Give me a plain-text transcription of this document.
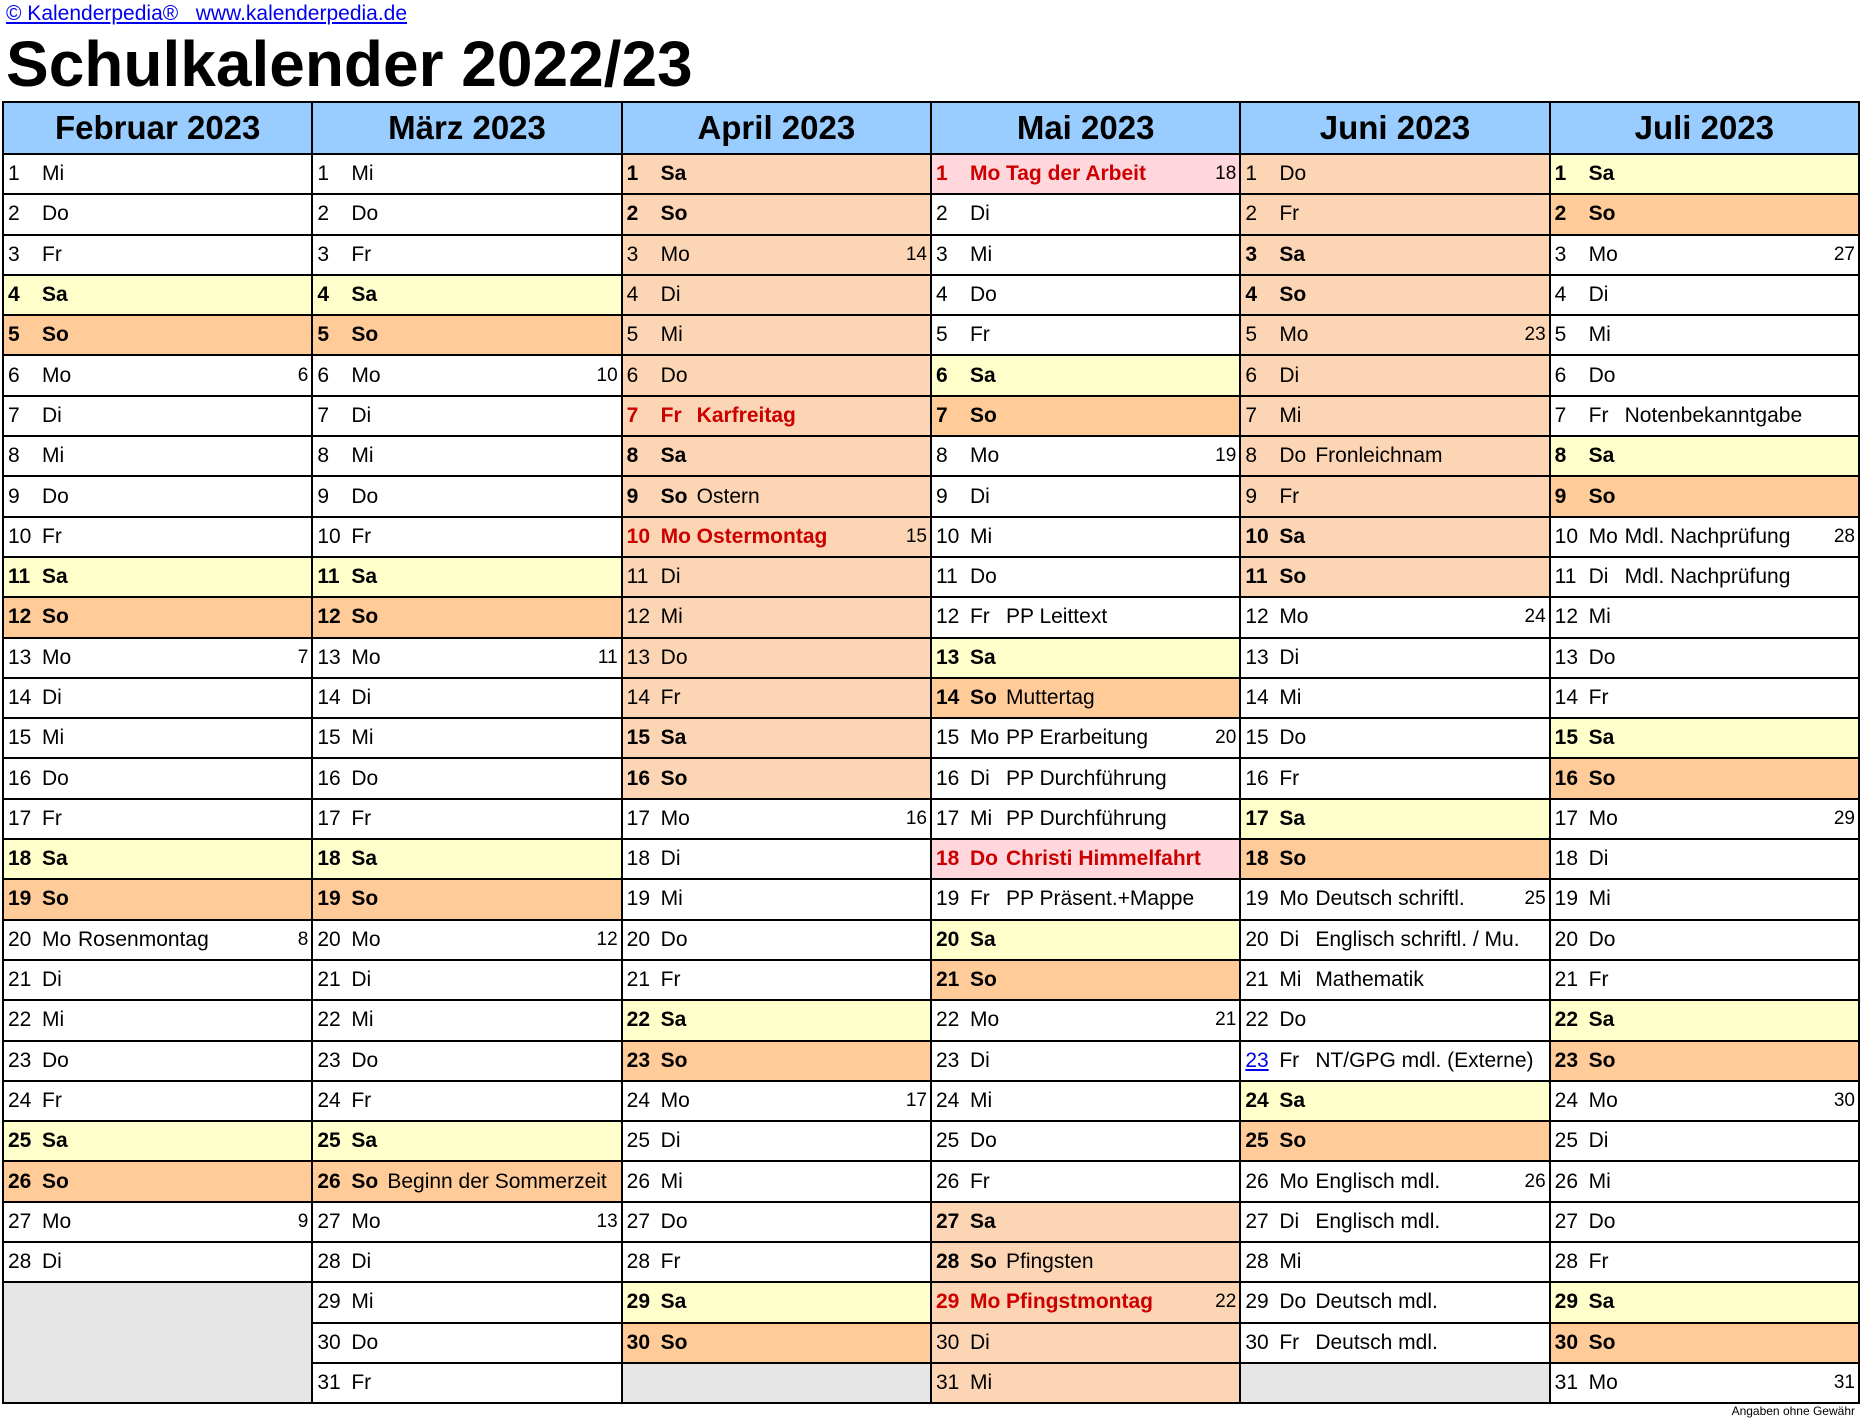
© Kalenderpedia®   www.kalenderpedia.de
Schulkalender 2022/23
Februar 2023	März 2023	April 2023	Mai 2023	Juni 2023	Juli 2023

1 Mi	1 Mi	1 Sa	1 Mo Tag der Arbeit 18	1 Do	1 Sa

2 Do	2 Do	2 So	2 Di	2 Fr	2 So

3 Fr	3 Fr	3 Mo 14	3 Mi	3 Sa	3 Mo 27

4 Sa	4 Sa	4 Di	4 Do	4 So	4 Di

5 So	5 So	5 Mi	5 Fr	5 Mo 23	5 Mi

6 Mo 6	6 Mo 10	6 Do	6 Sa	6 Di	6 Do

7 Di	7 Di	7 Fr Karfreitag	7 So	7 Mi	7 Fr Notenbekanntgabe

8 Mi	8 Mi	8 Sa	8 Mo 19	8 Do Fronleichnam	8 Sa

9 Do	9 Do	9 So Ostern	9 Di	9 Fr	9 So

10 Fr	10 Fr	10 Mo Ostermontag 15	10 Mi	10 Sa	10 Mo Mdl. Nachprüfung 28

11 Sa	11 Sa	11 Di	11 Do	11 So	11 Di Mdl. Nachprüfung

12 So	12 So	12 Mi	12 Fr PP Leittext	12 Mo 24	12 Mi

13 Mo 7	13 Mo 11	13 Do	13 Sa	13 Di	13 Do

14 Di	14 Di	14 Fr	14 So Muttertag	14 Mi	14 Fr

15 Mi	15 Mi	15 Sa	15 Mo PP Erarbeitung 20	15 Do	15 Sa

16 Do	16 Do	16 So	16 Di PP Durchführung	16 Fr	16 So

17 Fr	17 Fr	17 Mo 16	17 Mi PP Durchführung	17 Sa	17 Mo 29

18 Sa	18 Sa	18 Di	18 Do Christi Himmelfahrt	18 So	18 Di

19 So	19 So	19 Mi	19 Fr PP Präsent.+Mappe	19 Mo Deutsch schriftl. 25	19 Mi

20 Mo Rosenmontag 8	20 Mo 12	20 Do	20 Sa	20 Di Englisch schriftl. / Mu.	20 Do

21 Di	21 Di	21 Fr	21 So	21 Mi Mathematik	21 Fr

22 Mi	22 Mi	22 Sa	22 Mo 21	22 Do	22 Sa

23 Do	23 Do	23 So	23 Di	23 Fr NT/GPG mdl. (Externe)	23 So

24 Fr	24 Fr	24 Mo 17	24 Mi	24 Sa	24 Mo 30

25 Sa	25 Sa	25 Di	25 Do	25 So	25 Di

26 So	26 So Beginn der Sommerzeit	26 Mi	26 Fr	26 Mo Englisch mdl. 26	26 Mi

27 Mo 9	27 Mo 13	27 Do	27 Sa	27 Di Englisch mdl.	27 Do

28 Di	28 Di	28 Fr	28 So Pfingsten	28 Mi	28 Fr

	29 Mi	29 Sa	29 Mo Pfingstmontag 22	29 Do Deutsch mdl.	29 Sa

	30 Do	30 So	30 Di	30 Fr Deutsch mdl.	30 So

	31 Fr		31 Mi		31 Mo 31
Angaben ohne Gewähr
